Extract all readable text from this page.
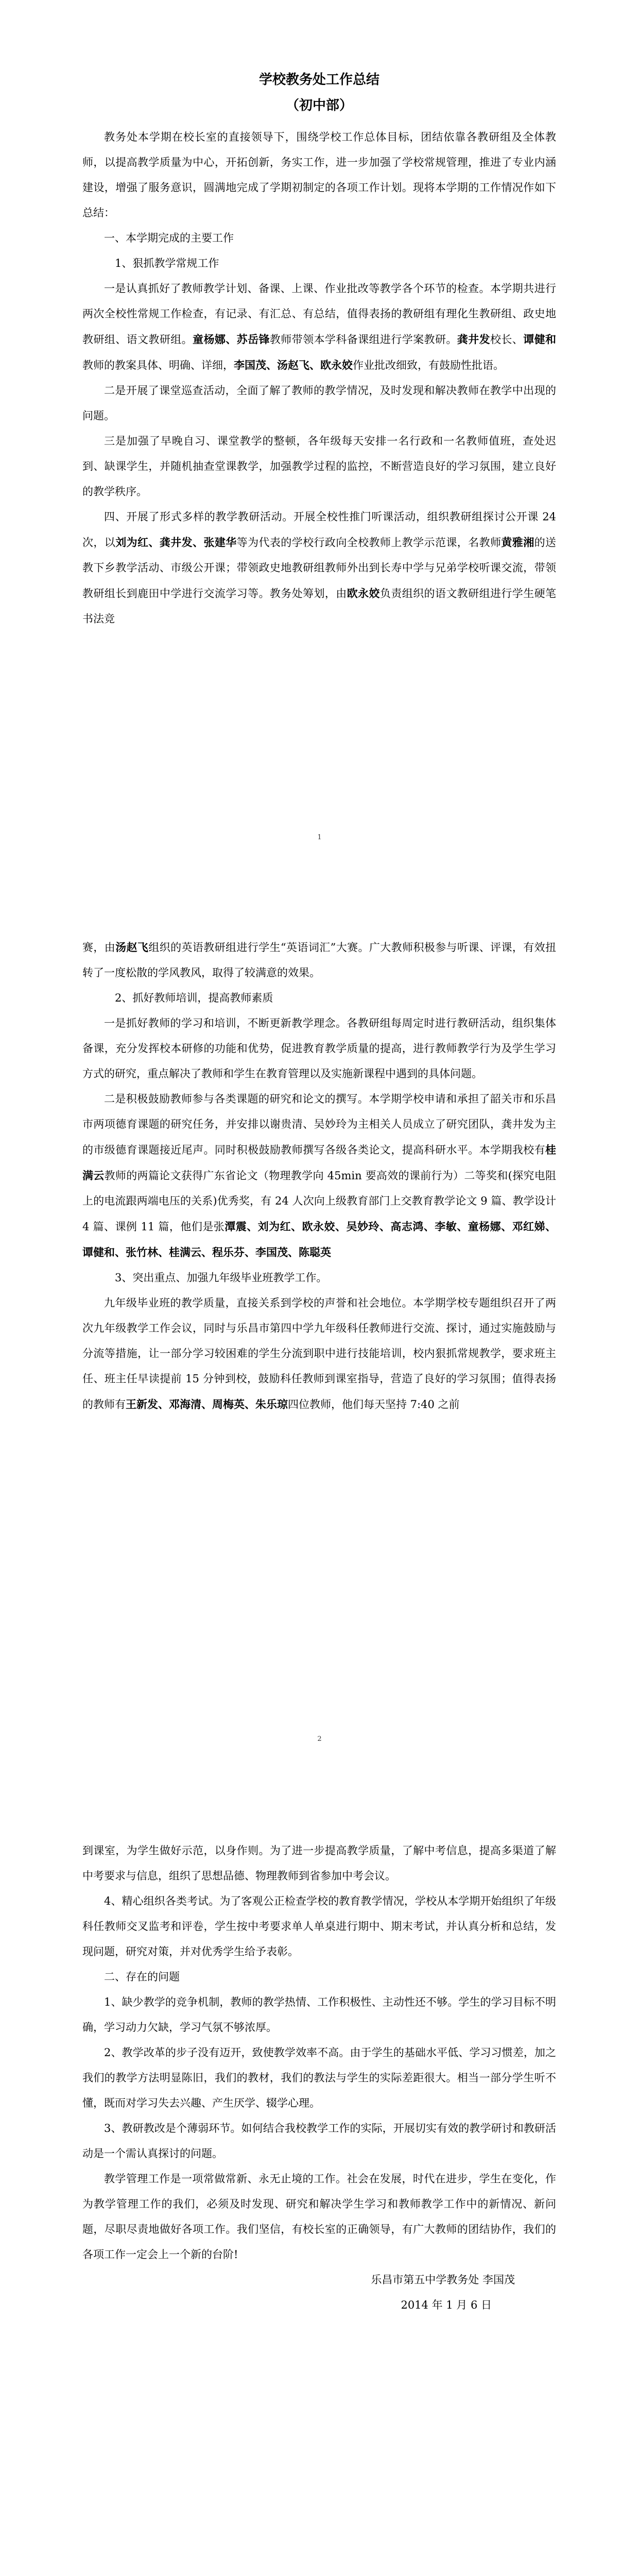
学校教务处工作总结
（初中部）

教务处本学期在校长室的直接领导下，围绕学校工作总体目标，团结依靠各教研组及全体教师，以提高教学质量为中心，开拓创新，务实工作，进一步加强了学校常规管理，推进了专业内涵建设，增强了服务意识，圆满地完成了学期初制定的各项工作计划。现将本学期的工作情况作如下总结：

一、本学期完成的主要工作

1、狠抓教学常规工作

一是认真抓好了教师教学计划、备课、上课、作业批改等教学各个环节的检查。本学期共进行两次全校性常规工作检查，有记录、有汇总、有总结，值得表扬的教研组有理化生教研组、政史地教研组、语文教研组。童杨娜、苏岳锋教师带领本学科备课组进行学案教研。龚井发校长、谭健和教师的教案具体、明确、详细，李国茂、汤赵飞、欧永姣作业批改细致，有鼓励性批语。

二是开展了课堂巡查活动，全面了解了教师的教学情况，及时发现和解决教师在教学中出现的问题。

三是加强了早晚自习、课堂教学的整顿，各年级每天安排一名行政和一名教师值班，查处迟到、缺课学生，并随机抽查堂课教学，加强教学过程的监控，不断营造良好的学习氛围，建立良好的教学秩序。

四、开展了形式多样的教学教研活动。开展全校性推门听课活动，组织教研组探讨公开课 24 次，以刘为红、龚井发、张建华等为代表的学校行政向全校教师上教学示范课，名教师黄雅湘的送教下乡教学活动、市级公开课；带领政史地教研组教师外出到长寿中学与兄弟学校听课交流，带领教研组长到鹿田中学进行交流学习等。教务处筹划，由欧永姣负责组织的语文教研组进行学生硬笔书法竞

1

赛，由汤赵飞组织的英语教研组进行学生“英语词汇”大赛。广大教师积极参与听课、评课，有效扭转了一度松散的学风教风，取得了较满意的效果。

2、抓好教师培训，提高教师素质

一是抓好教师的学习和培训，不断更新教学理念。各教研组每周定时进行教研活动，组织集体备课，充分发挥校本研修的功能和优势，促进教育教学质量的提高，进行教师教学行为及学生学习方式的研究，重点解决了教师和学生在教育管理以及实施新课程中遇到的具体问题。

二是积极鼓励教师参与各类课题的研究和论文的撰写。本学期学校申请和承担了韶关市和乐昌市两项德育课题的研究任务，并安排以谢贵清、吴妙玲为主相关人员成立了研究团队，龚井发为主的市级德育课题接近尾声。同时积极鼓励教师撰写各级各类论文，提高科研水平。本学期我校有桂满云教师的两篇论文获得广东省论文（物理教学向 45min 要高效的课前行为）二等奖和(探究电阻上的电流跟两端电压的关系)优秀奖，有 24 人次向上级教育部门上交教育教学论文 9 篇、教学设计 4 篇、课例 11 篇，他们是张潭震、刘为红、欧永姣、吴妙玲、高志鸿、李敏、童杨娜、邓红娣、谭健和、张竹林、桂满云、程乐芬、李国茂、陈聪英

3、突出重点、加强九年级毕业班教学工作。

九年级毕业班的教学质量，直接关系到学校的声誉和社会地位。本学期学校专题组织召开了两次九年级教学工作会议，同时与乐昌市第四中学九年级科任教师进行交流、探讨，通过实施鼓励与分流等措施，让一部分学习较困难的学生分流到职中进行技能培训，校内狠抓常规教学，要求班主任、班主任早读提前 15 分钟到校，鼓励科任教师到课室指导，营造了良好的学习氛围；值得表扬的教师有王新发、邓海清、周梅英、朱乐琼四位教师，他们每天坚持 7:40 之前

2

到课室，为学生做好示范，以身作则。为了进一步提高教学质量，了解中考信息，提高多渠道了解中考要求与信息，组织了思想品德、物理教师到省参加中考会议。

4、精心组织各类考试。为了客观公正检查学校的教育教学情况，学校从本学期开始组织了年级科任教师交叉监考和评卷，学生按中考要求单人单桌进行期中、期末考试，并认真分析和总结，发现问题，研究对策，并对优秀学生给予表彰。

二、存在的问题

1、缺少教学的竞争机制，教师的教学热情、工作积极性、主动性还不够。学生的学习目标不明确，学习动力欠缺，学习气氛不够浓厚。

2、教学改革的步子没有迈开，致使教学效率不高。由于学生的基础水平低、学习习惯差，加之我们的教学方法明显陈旧，我们的教材，我们的教法与学生的实际差距很大。相当一部分学生听不懂，既而对学习失去兴趣、产生厌学、辍学心理。

3、教研教改是个薄弱环节。如何结合我校教学工作的实际，开展切实有效的教学研讨和教研活动是一个需认真探讨的问题。

教学管理工作是一项常做常新、永无止境的工作。社会在发展，时代在进步，学生在变化，作为教学管理工作的我们，必须及时发现、研究和解决学生学习和教师教学工作中的新情况、新问题，尽职尽责地做好各项工作。我们坚信，有校长室的正确领导，有广大教师的团结协作，我们的各项工作一定会上一个新的台阶!

乐昌市第五中学教务处 李国茂
2014 年 1 月 6 日
